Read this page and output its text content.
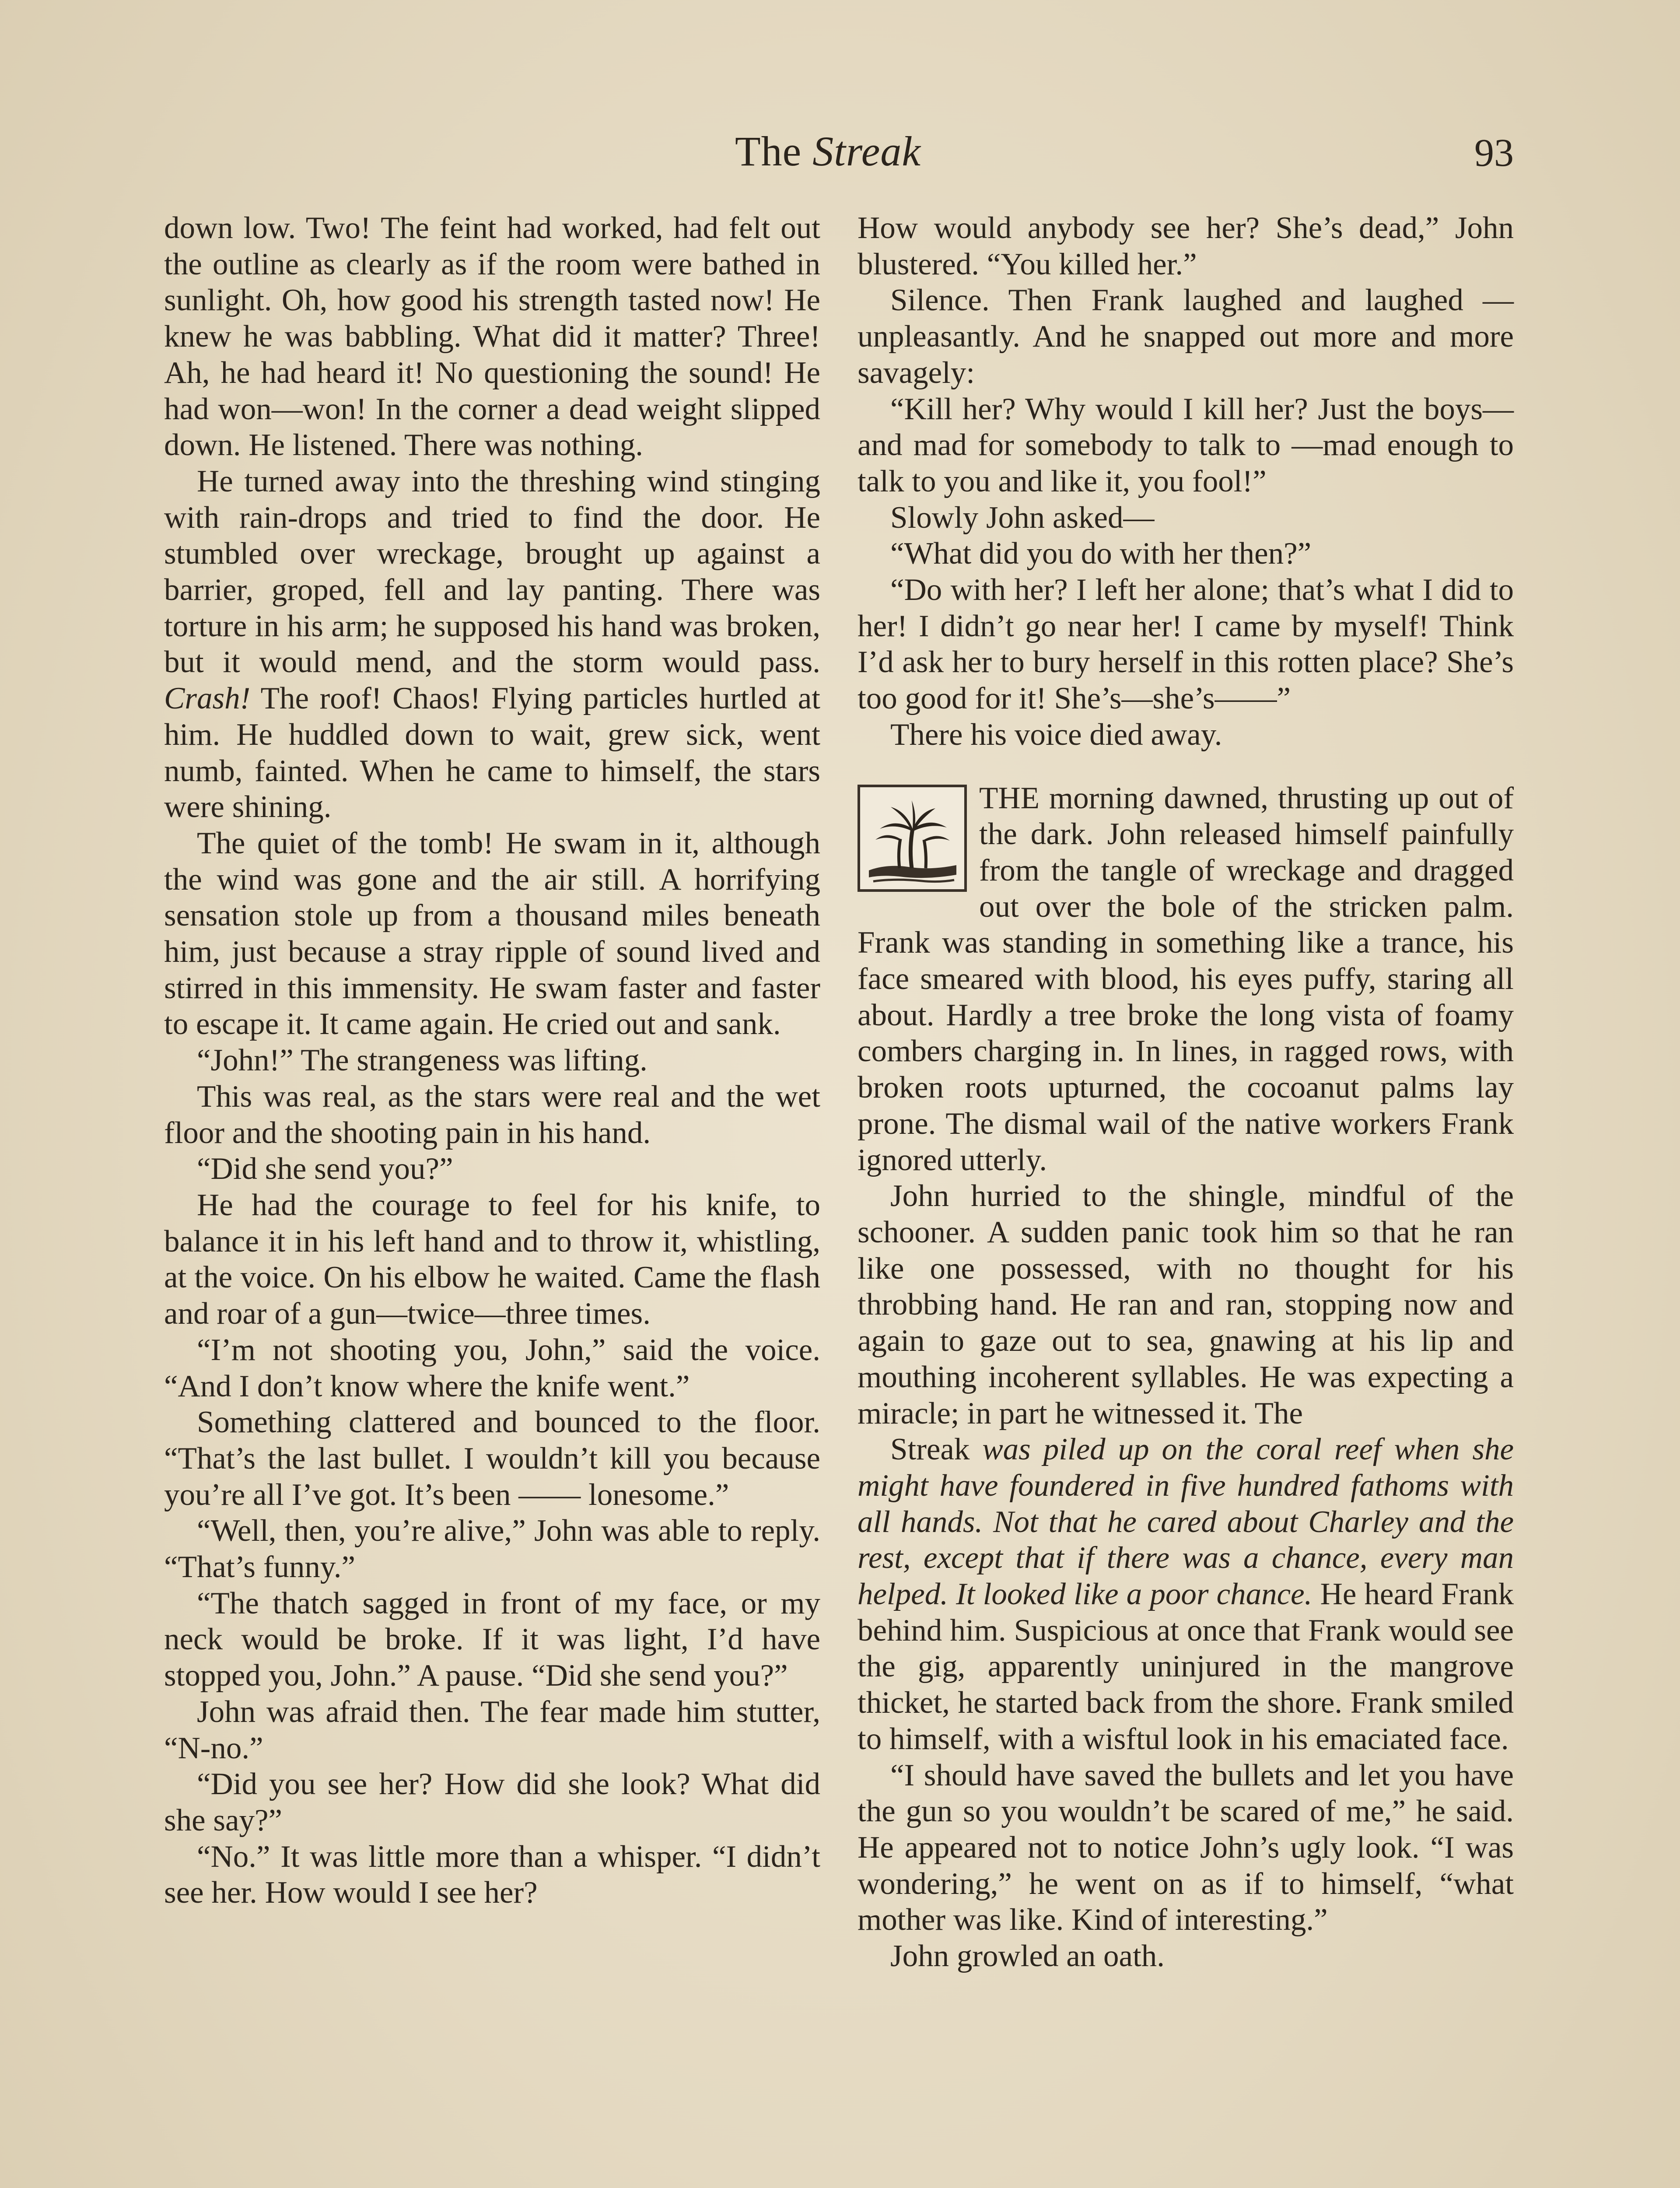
The Streak	93

down low. Two! The feint had worked, had felt out the outline as clearly as if the room were bathed in sunlight. Oh, how good his strength tasted now! He knew he was babbling. What did it matter? Three! Ah, he had heard it! No questioning the sound! He had won—won! In the corner a dead weight slipped down. He listened. There was nothing.

He turned away into the threshing wind stinging with rain-drops and tried to find the door. He stumbled over wreckage, brought up against a barrier, groped, fell and lay panting. There was torture in his arm; he supposed his hand was broken, but it would mend, and the storm would pass. Crash! The roof! Chaos! Flying particles hurtled at him. He huddled down to wait, grew sick, went numb, fainted. When he came to himself, the stars were shining.

The quiet of the tomb! He swam in it, although the wind was gone and the air still. A horrifying sensation stole up from a thousand miles beneath him, just because a stray ripple of sound lived and stirred in this immensity. He swam faster and faster to escape it. It came again. He cried out and sank.

“John!” The strangeness was lifting.

This was real, as the stars were real and the wet floor and the shooting pain in his hand.

“Did she send you?”

He had the courage to feel for his knife, to balance it in his left hand and to throw it, whistling, at the voice. On his elbow he waited. Came the flash and roar of a gun—twice—three times.

“I’m not shooting you, John,” said the voice. “And I don’t know where the knife went.”

Something clattered and bounced to the floor. “That’s the last bullet. I wouldn’t kill you because you’re all I’ve got. It’s been —— lonesome.”

“Well, then, you’re alive,” John was able to reply. “That’s funny.”

“The thatch sagged in front of my face, or my neck would be broke. If it was light, I’d have stopped you, John.” A pause. “Did she send you?”

John was afraid then. The fear made him stutter, “N-no.”

“Did you see her? How did she look? What did she say?”

“No.” It was little more than a whisper. “I didn’t see her. How would I see her?

How would anybody see her? She’s dead,” John blustered. “You killed her.”

Silence. Then Frank laughed and laughed —unpleasantly. And he snapped out more and more savagely:

“Kill her? Why would I kill her? Just the boys—and mad for somebody to talk to —mad enough to talk to you and like it, you fool!”

Slowly John asked—

“What did you do with her then?”

“Do with her? I left her alone; that’s what I did to her! I didn’t go near her! I came by myself! Think I’d ask her to bury herself in this rotten place? She’s too good for it! She’s—she’s——”

There his voice died away.

THE morning dawned, thrusting up out of the dark. John released himself painfully from the tangle of wreckage and dragged out over the bole of the stricken palm. Frank was standing in something like a trance, his face smeared with blood, his eyes puffy, staring all about. Hardly a tree broke the long vista of foamy combers charging in. In lines, in ragged rows, with broken roots upturned, the cocoanut palms lay prone. The dismal wail of the native workers Frank ignored utterly.

John hurried to the shingle, mindful of the schooner. A sudden panic took him so that he ran like one possessed, with no thought for his throbbing hand. He ran and ran, stopping now and again to gaze out to sea, gnawing at his lip and mouthing incoherent syllables. He was expecting a miracle; in part he witnessed it. The

Streak was piled up on the coral reef when she might have foundered in five hundred fathoms with all hands. Not that he cared about Charley and the rest, except that if there was a chance, every man helped. It looked like a poor chance. He heard Frank behind him. Suspicious at once that Frank would see the gig, apparently uninjured in the mangrove thicket, he started back from the shore. Frank smiled to himself, with a wisftul look in his emaciated face.

“I should have saved the bullets and let you have the gun so you wouldn’t be scared of me,” he said. He appeared not to notice John’s ugly look. “I was wondering,” he went on as if to himself, “what mother was like. Kind of interesting.”

John growled an oath.
